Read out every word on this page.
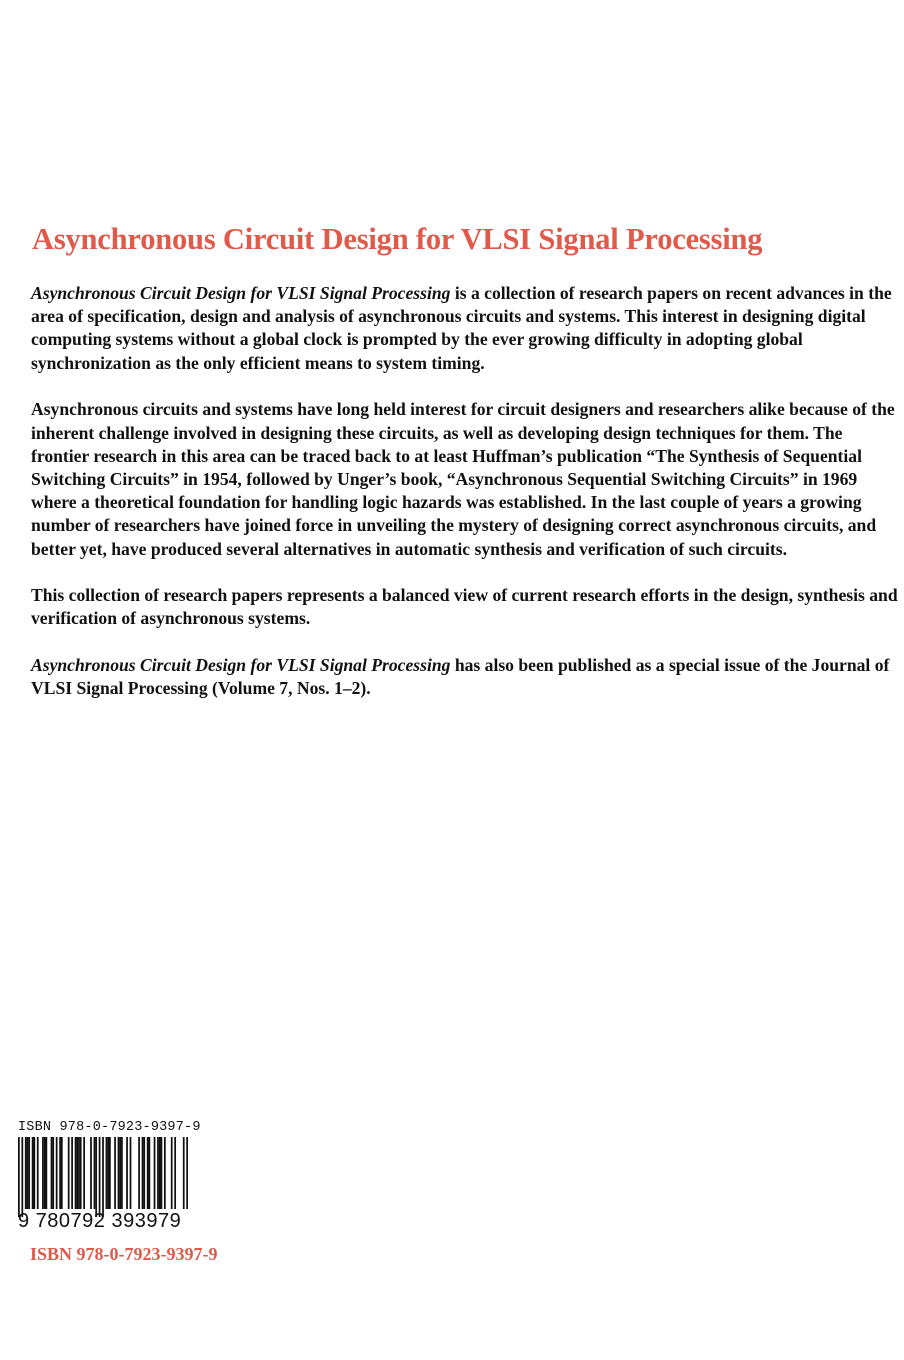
Asynchronous Circuit Design for VLSI Signal Processing

Asynchronous Circuit Design for VLSI Signal Processing is a collection of research papers on recent advances in the area of specification, design and analysis of asynchronous circuits and systems. This interest in designing digital computing systems without a global clock is prompted by the ever growing difficulty in adopting global synchronization as the only efficient means to system timing.

Asynchronous circuits and systems have long held interest for circuit designers and researchers alike because of the inherent challenge involved in designing these circuits, as well as developing design techniques for them. The frontier research in this area can be traced back to at least Huffman’s publication “The Synthesis of Sequential Switching Circuits” in 1954, followed by Unger’s book, “Asynchronous Sequential Switching Circuits” in 1969 where a theoretical foundation for handling logic hazards was established. In the last couple of years a growing number of researchers have joined force in unveiling the mystery of designing correct asynchronous circuits, and better yet, have produced several alternatives in automatic synthesis and verification of such circuits.

This collection of research papers represents a balanced view of current research efforts in the design, synthesis and verification of asynchronous systems.

Asynchronous Circuit Design for VLSI Signal Processing has also been published as a special issue of the Journal of VLSI Signal Processing (Volume 7, Nos. 1–2).

ISBN 978-0-7923-9397-9
9 780792 393979
ISBN 978-0-7923-9397-9
